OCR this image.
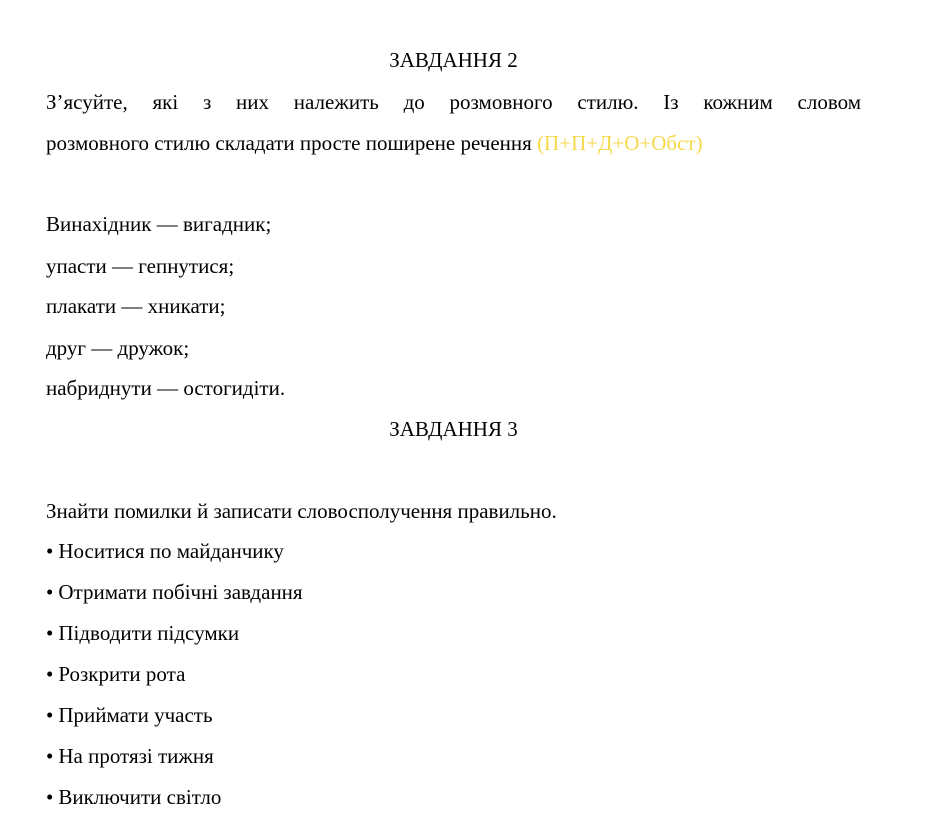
ЗАВДАННЯ 2
З’ясуйте, які з них належить до розмовного стилю. Із кожним словом
розмовного стилю складати просте поширене речення (П+П+Д+О+Обст)
Винахідник — вигадник;
упасти — гепнутися;
плакати — хникати;
друг — дружок;
набриднути — остогидіти.
ЗАВДАННЯ 3
Знайти помилки й записати словосполучення правильно.
• Носитися по майданчику
• Отримати побічні завдання
• Підводити підсумки
• Розкрити рота
• Приймати участь
• На протязі тижня
• Виключити світло
